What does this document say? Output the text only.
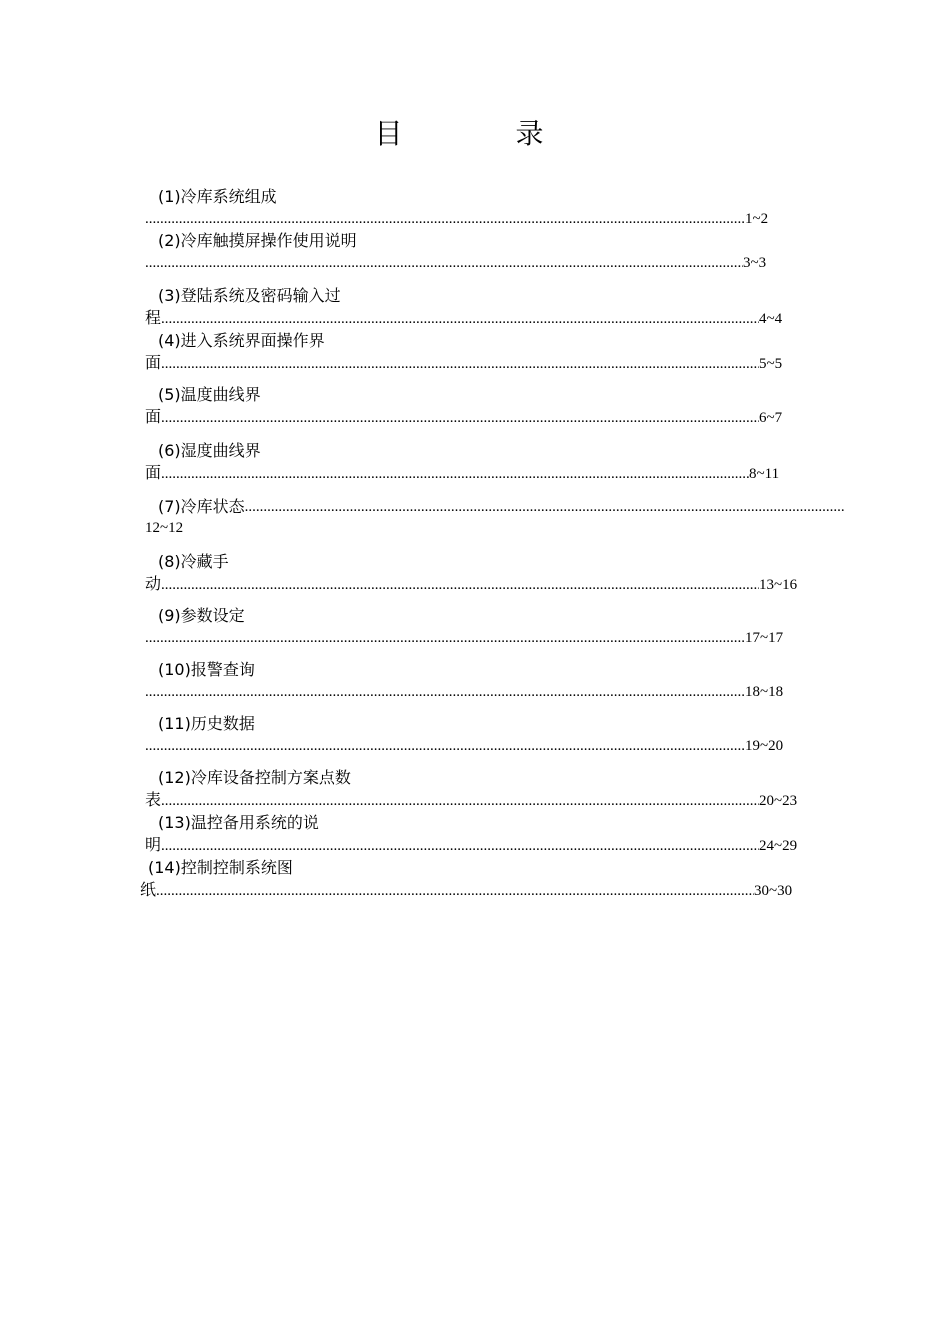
目 录
(1)冷库系统组成
.....1~2
(2)冷库触摸屏操作使用说明
.....3~3
(3)登陆系统及密码输入过
程 .....	4~4
(4)进入系统界面操作界
面 .....	5~5
(5)温度曲线界
面 .....	6~7
(6)湿度曲线界
面 .....	8~11
(7)冷库状态.....
12~12
(8)冷藏手
动 .....	13~16
(9)参数设定
.....17~17
(10)报警查询
.....18~18
(11)历史数据
.....19~20
(12)冷库设备控制方案点数
表 .....	20~23
(13)温控备用系统的说
明 .....	24~29
(14)控制控制系统图
纸 .....	30~30
